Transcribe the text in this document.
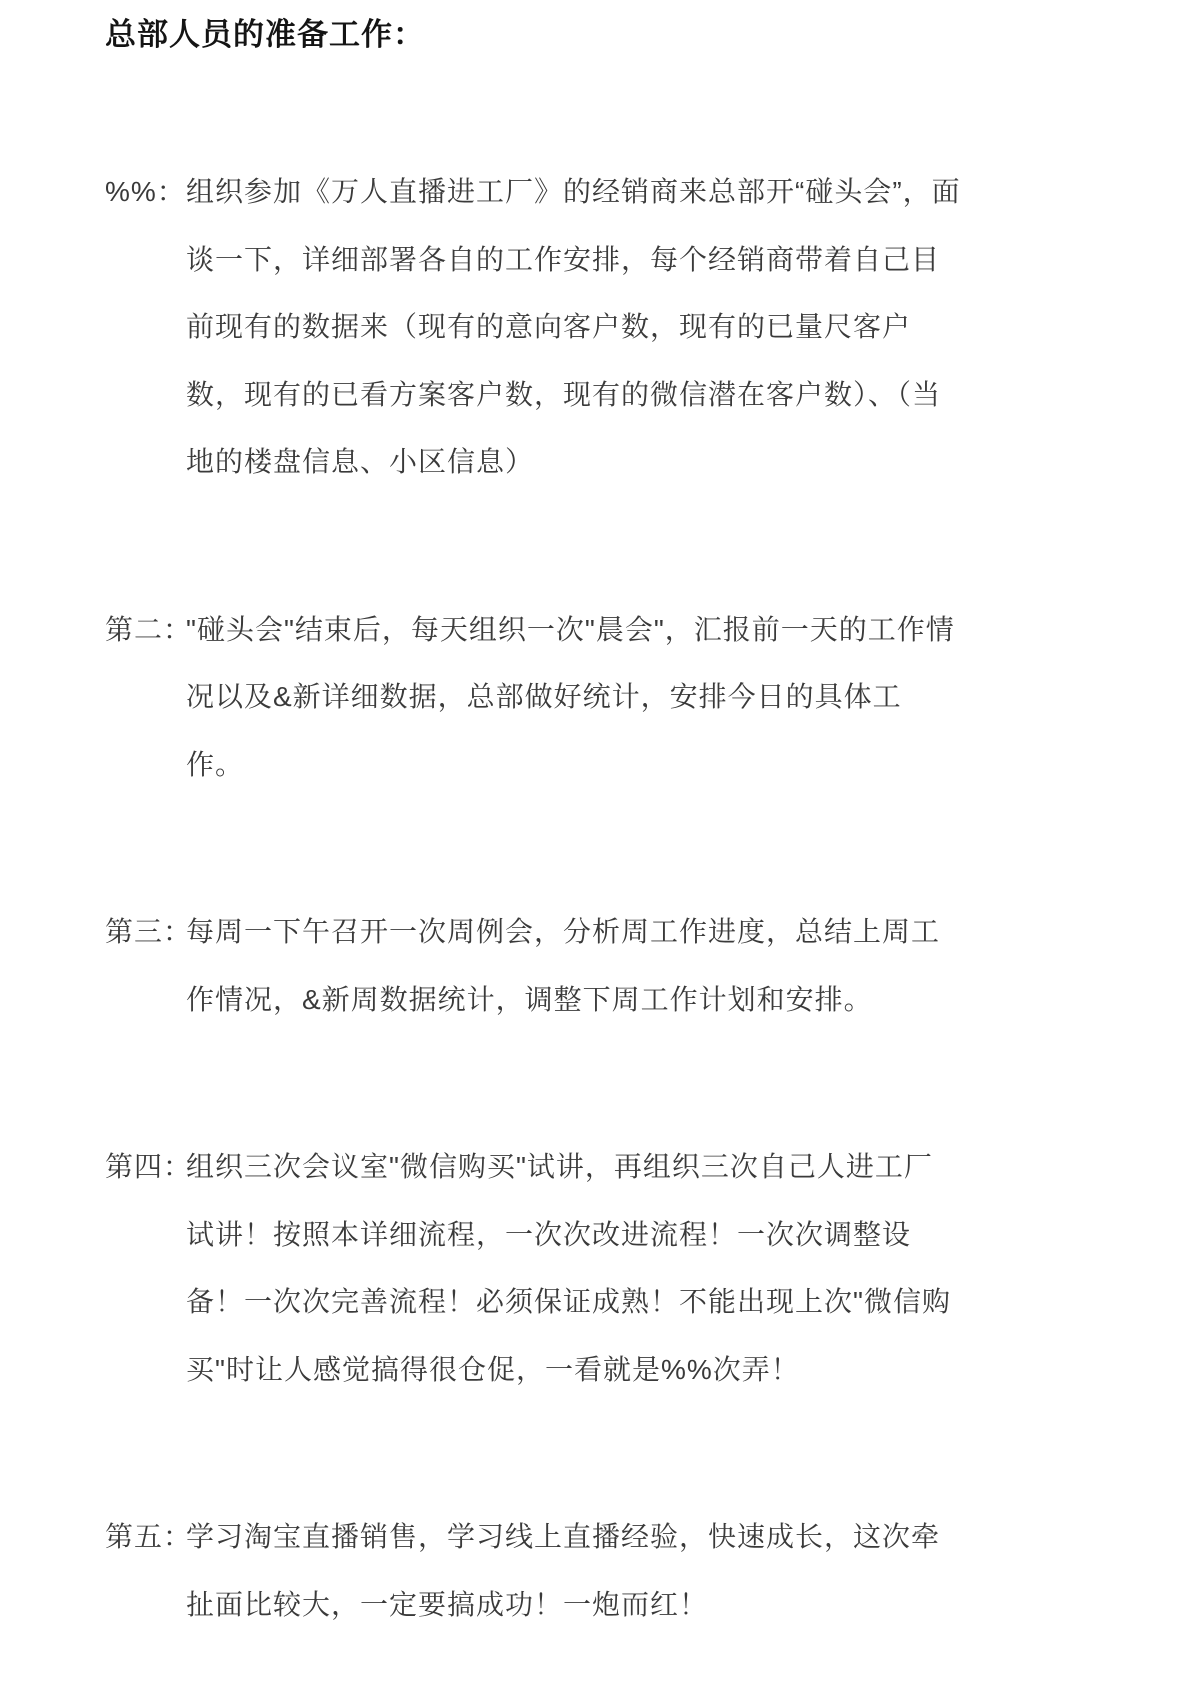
总部人员的准备工作：
%%： 组织参加《万人直播进工厂》的经销商来总部开“碰头会”，面
谈一下，详细部署各自的工作安排，每个经销商带着自己目
前现有的数据来（现有的意向客户数，现有的已量尺客户
数，现有的已看方案客户数，现有的微信潜在客户数）、（当
地的楼盘信息、小区信息）
第二：
"碰头会"结束后，每天组织一次"晨会"，汇报前一天的工作情
况以及&新详细数据，总部做好统计，安排今日的具体工
作。
第三：
每周一下午召开一次周例会，分析周工作进度，总结上周工
作情况，&新周数据统计，调整下周工作计划和安排。
第四：
组织三次会议室"微信购买"试讲，再组织三次自己人进工厂
试讲！按照本详细流程，一次次改进流程！一次次调整设
备！一次次完善流程！必须保证成熟！不能出现上次"微信购
买"时让人感觉搞得很仓促，一看就是%%次弄！
第五：
学习淘宝直播销售，学习线上直播经验，快速成长，这次牵
扯面比较大，一定要搞成功！一炮而红！
